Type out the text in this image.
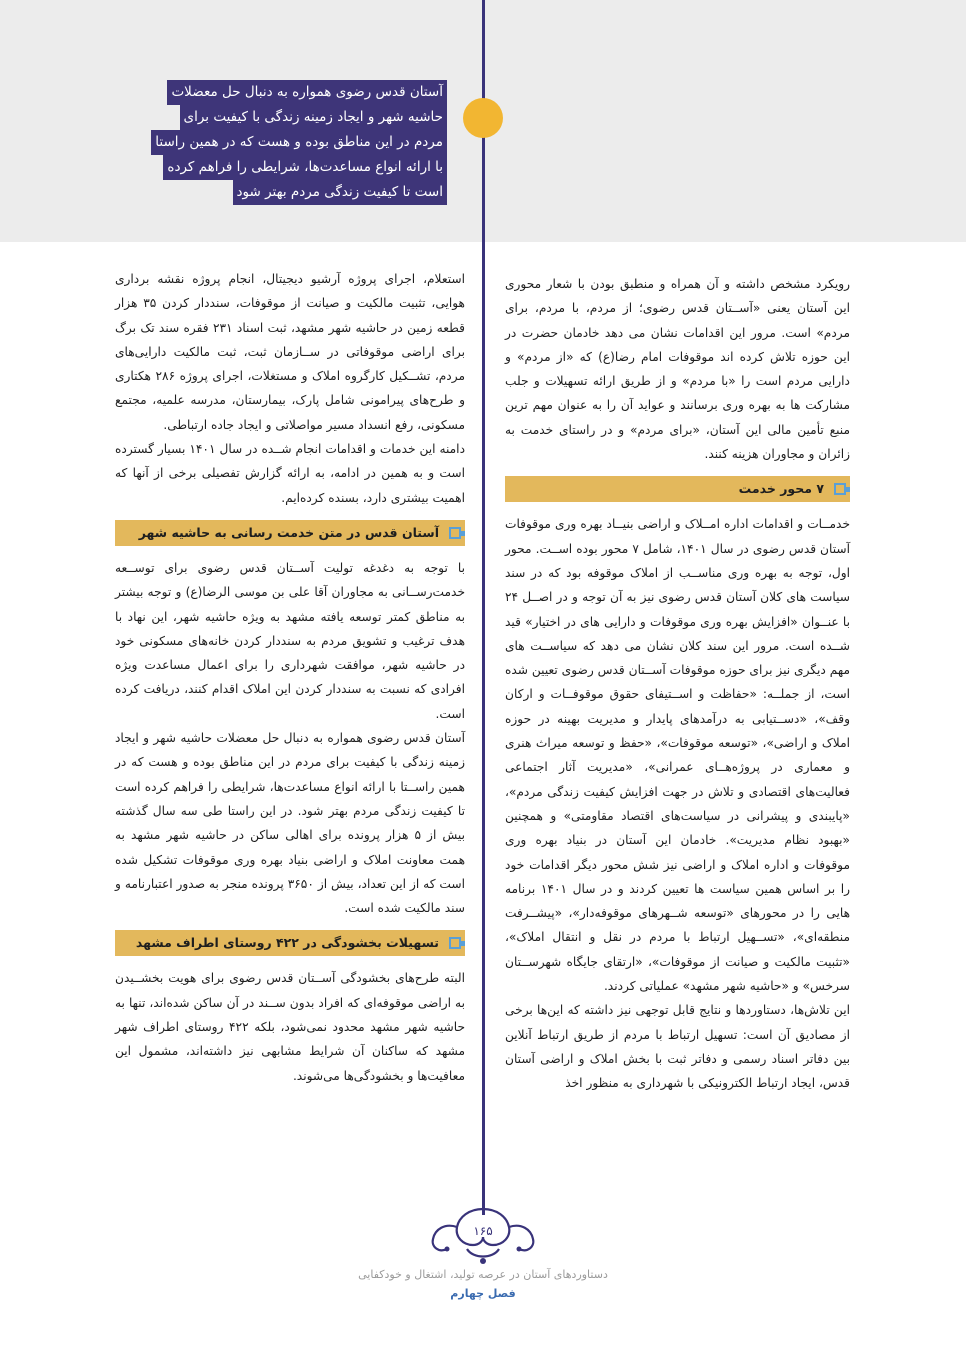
آستان قدس رضوی همواره به دنبال حل معضلات
حاشیه شهر و ایجاد زمینه زندگی با کیفیت برای
مردم در این مناطق بوده و هست که در همین راستا
با ارائه انواع مساعدت‌ها، شرایطی را فراهم کرده
است تا کیفیت زندگی مردم بهتر شود

رویکرد مشخص داشته و آن همراه و منطبق بودن با شعار محوری این آستان یعنی «آســتان قدس رضوی؛ از مردم، با مردم، برای مردم» است. مرور این اقدامات نشان می دهد خادمان حضرت در این حوزه تلاش کرده اند موقوفات امام رضا(ع) که «از مردم» و دارایی مردم است را «با مردم» و از طریق ارائه تسهیلات و جلب مشارکت ها به بهره وری برسانند و عواید آن را به عنوان مهم ترین منبع تأمین مالی این آستان، «برای مردم» و در راستای خدمت به زائران و مجاوران هزینه کنند.

۷ محور خدمت

خدمــات و اقدامات اداره امــلاک و اراضی بنیــاد بهره وری موقوفات آستان قدس رضوی در سال ۱۴۰۱، شامل ۷ محور بوده اســت. محور اول، توجه به بهره وری مناســب از املاک موقوفه بود که در سند سیاست های کلان آستان قدس رضوی نیز به آن توجه و در اصــل ۲۴ با عنــوان «افزایش بهره وری موقوفات و دارایی های در اختیار» قید شــده است. مرور این سند کلان نشان می دهد که سیاســت های مهم دیگری نیز برای حوزه موقوفات آســتان قدس رضوی تعیین شده است، از جملــه: «حفاظت و اســتیفای حقوق موقوفــات و ارکان وقف»، «دســتیابی به درآمدهای پایدار و مدیریت بهینه در حوزه املاک و اراضی»، «توسعه موقوفات»، «حفظ و توسعه میراث هنری و معماری در پروژه‌هــای عمرانی»، «مدیریت آثار اجتماعی فعالیت‌های اقتصادی و تلاش در جهت افزایش کیفیت زندگی مردم»، «پایبندی و پیشرانی در سیاست‌های اقتصاد مقاومتی» و همچنین «بهبود نظام مدیریت». خادمان این آستان در بنیاد بهره وری موقوفات و اداره املاک و اراضی نیز شش محور دیگر اقدامات خود را بر اساس همین سیاست ها تعیین کردند و در سال ۱۴۰۱ برنامه هایی را در محورهای «توسعه شــهرهای موقوفه‌دار»، «پیشــرفت منطقه‌ای»، «تســهیل ارتباط با مردم در نقل و انتقال املاک»، «تثبیت مالکیت و صیانت از موقوفات»، «ارتقای جایگاه شهرســتان سرخس» و «حاشیه شهر مشهد» عملیاتی کردند.

این تلاش‌ها، دستاوردها و نتایج قابل توجهی نیز داشته که این‌ها برخی از مصادیق آن است: تسهیل ارتباط با مردم از طریق ارتباط آنلاین بین دفاتر اسناد رسمی و دفاتر ثبت با بخش املاک و اراضی آستان قدس، ایجاد ارتباط الکترونیکی با شهرداری به منظور اخذ

استعلام، اجرای پروژه آرشیو دیجیتال، انجام پروژه نقشه برداری هوایی، تثبیت مالکیت و صیانت از موقوفات، سنددار کردن ۳۵ هزار قطعه زمین در حاشیه شهر مشهد، ثبت اسناد ۲۳۱ فقره سند تک برگ برای اراضی موقوفاتی در ســازمان ثبت، ثبت مالکیت دارایی‌های مردم، تشــکیل کارگروه املاک و مستغلات، اجرای پروژه ۲۸۶ هکتاری و طرح‌های پیرامونی شامل پارک، بیمارستان، مدرسه علمیه، مجتمع مسکونی، رفع انسداد مسیر مواصلاتی و ایجاد جاده ارتباطی.

دامنه این خدمات و اقدامات انجام شــده در سال ۱۴۰۱ بسیار گسترده است و به همین در ادامه، به ارائه گزارش تفصیلی برخی از آنها که اهمیت بیشتری دارد، بسنده کرده‌ایم.

آستان قدس در متن خدمت رسانی به حاشیه شهر

با توجه به دغدغه تولیت آســتان قدس رضوی برای توســعه خدمت‌رســانی به مجاوران آقا علی بن موسی الرضا(ع) و توجه بیشتر به مناطق کمتر توسعه یافته مشهد به ویژه حاشیه شهر، این نهاد با هدف ترغیب و تشویق مردم به سنددار کردن خانه‌های مسکونی خود در حاشیه شهر، موافقت شهرداری را برای اعمال مساعدت ویژه افرادی که نسبت به سنددار کردن این املاک اقدام کنند، دریافت کرده است.

آستان قدس رضوی همواره به دنبال حل معضلات حاشیه شهر و ایجاد زمینه زندگی با کیفیت برای مردم در این مناطق بوده و هست که در همین راســتا با ارائه انواع مساعدت‌ها، شرایطی را فراهم کرده است تا کیفیت زندگی مردم بهتر شود. در این راستا طی سه سال گذشته بیش از ۵ هزار پرونده برای اهالی ساکن در حاشیه شهر مشهد به همت معاونت املاک و اراضی بنیاد بهره وری موقوفات تشکیل شده است که از این تعداد، بیش از ۳۶۵۰ پرونده منجر به صدور اعتبارنامه و سند مالکیت شده است.

تسهیلات بخشودگی در ۴۲۲ روستای اطراف مشهد

البته طرح‌های بخشودگی آســتان قدس رضوی برای هویت بخشــیدن به اراضی موقوفه‌ای که افراد بدون ســند در آن ساکن شده‌اند، تنها به حاشیه شهر مشهد محدود نمی‌شود، بلکه ۴۲۲ روستای اطراف شهر مشهد که ساکنان آن شرایط مشابهی نیز داشته‌اند، مشمول این معافیت‌ها و بخشودگی‌ها می‌شوند.

۱۶۵
دستاوردهای آستان در عرصه تولید، اشتغال و خودکفایی
فصل چهارم
